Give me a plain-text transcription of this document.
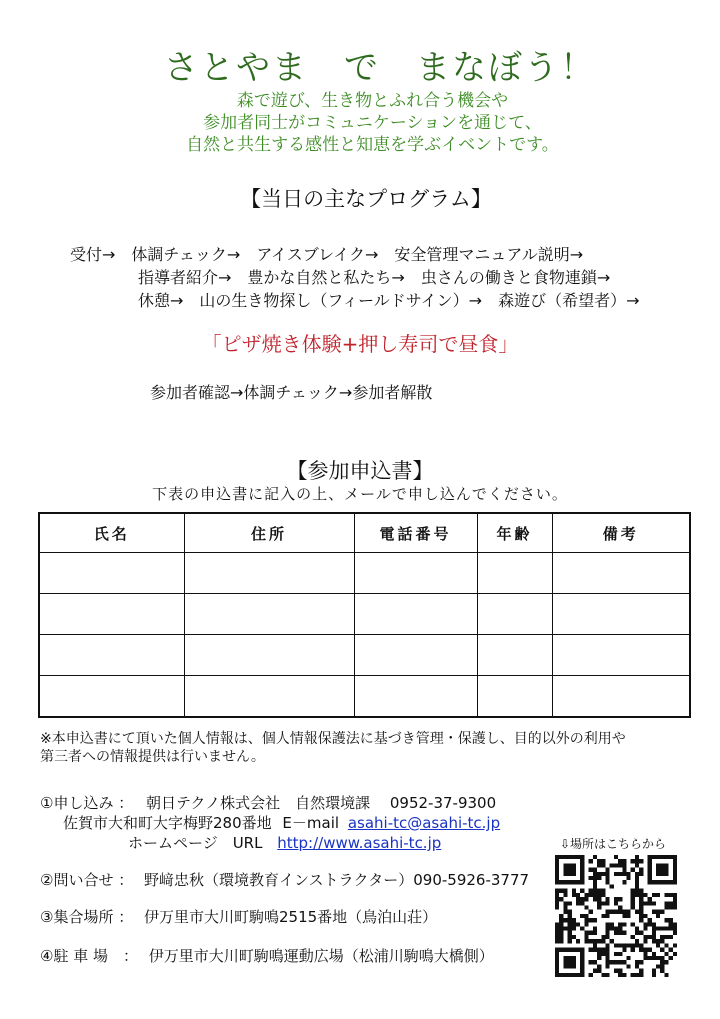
さとやま　で　まなぼう！
森で遊び、生き物とふれ合う機会や
参加者同士がコミュニケーションを通じて、
自然と共生する感性と知恵を学ぶイベントです。
【当日の主なプログラム】
受付→　体調チェック→　アイスブレイク→　安全管理マニュアル説明→
指導者紹介→　豊かな自然と私たち→　虫さんの働きと食物連鎖→
休憩→　山の生き物探し（フィールドサイン）→　森遊び（希望者）→
「ピザ焼き体験+押し寿司で昼食」
参加者確認→体調チェック→参加者解散
【参加申込書】
下表の申込書に記入の上、メールで申し込んでください。
氏名	住所	電話番号	年齢	備考

※本申込書にて頂いた個人情報は、個人情報保護法に基づき管理・保護し、目的以外の利用や
第三者への情報提供は行いません。
①申し込み ： 朝日テクノ株式会社　自然環境課　 0952-37-9300
佐賀市大和町大字梅野280番地 E－mail asahi-tc@asahi-tc.jp
ホームページ　URL http://www.asahi-tc.jp
②問い合せ ： 野﨑忠秋（環境教育インストラクター）090-5926-3777
③集合場所 ： 伊万里市大川町駒鳴2515番地（鳥泊山荘）
④駐 車 場　： 伊万里市大川町駒鳴運動広場（松浦川駒鳴大橋側）
⇩場所はこちらから
